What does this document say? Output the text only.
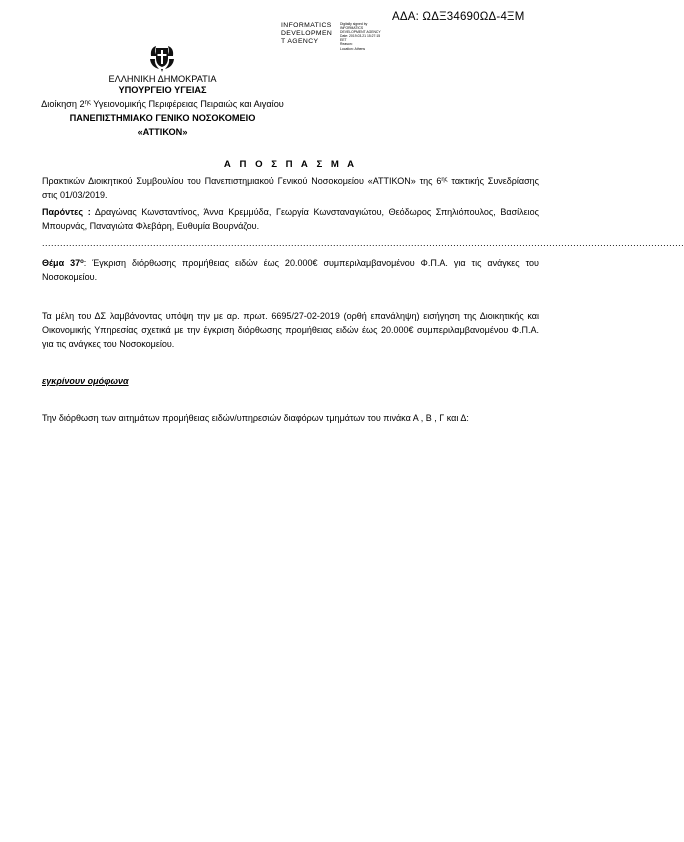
ΑΔΑ: ΩΔΞ34690ΩΔ-4ΞΜ
INFORMATICS
DEVELOPMEN
T AGENCY
Digitally signed by
INFORMATICS
DEVELOPMENT AGENCY
Date: 2019.03.21 15:27:15
EET
Reason:
Location: Athens
ΕΛΛΗΝΙΚΗ ΔΗΜΟΚΡΑΤΙΑ
ΥΠΟΥΡΓΕΙΟ ΥΓΕΙΑΣ
Διοίκηση $2^{\eta\varsigma}$ Υγειονομικής Περιφέρειας Πειραιώς και Αιγαίου
ΠΑΝΕΠΙΣΤΗΜΙΑΚΟ ΓΕΝΙΚΟ ΝΟΣΟΚΟΜΕΙΟ
«ΑΤΤΙΚΟΝ»
Α Π Ο Σ Π Α Σ Μ Α
Πρακτικών Διοικητικού Συμβουλίου του Πανεπιστημιακού Γενικού Νοσοκομείου «ΑΤΤΙΚΟΝ» της $6^{\eta\varsigma}$ τακτικής Συνεδρίασης στις 01/03/2019.
Παρόντες : Δραγώνας Κωνσταντίνος, Άννα Κρεμμύδα, Γεωργία Κωνσταναγιώτου, Θεόδωρος Σπηλιόπουλος, Βασίλειος Μπουρνάς, Παναγιώτα Φλεβάρη, Ευθυμία Βουρνάζου.
......................................................................................................................................................................................................................
Θέμα $37^o$: Έγκριση διόρθωσης προμήθειας ειδών έως 20.000€ συμπεριλαμβανομένου Φ.Π.Α. για τις ανάγκες του Νοσοκομείου.
Τα μέλη του ΔΣ λαμβάνοντας υπόψη την με αρ. πρωτ. 6695/27-02-2019 (ορθή επανάληψη) εισήγηση της Διοικητικής και Οικονομικής Υπηρεσίας σχετικά με την έγκριση διόρθωσης προμήθειας ειδών έως 20.000€ συμπεριλαμβανομένου Φ.Π.Α. για τις ανάγκες του Νοσοκομείου.
εγκρίνουν ομόφωνα
Την διόρθωση των αιτημάτων προμήθειας ειδών/υπηρεσιών διαφόρων τμημάτων του πινάκα Α , Β , Γ και Δ:
